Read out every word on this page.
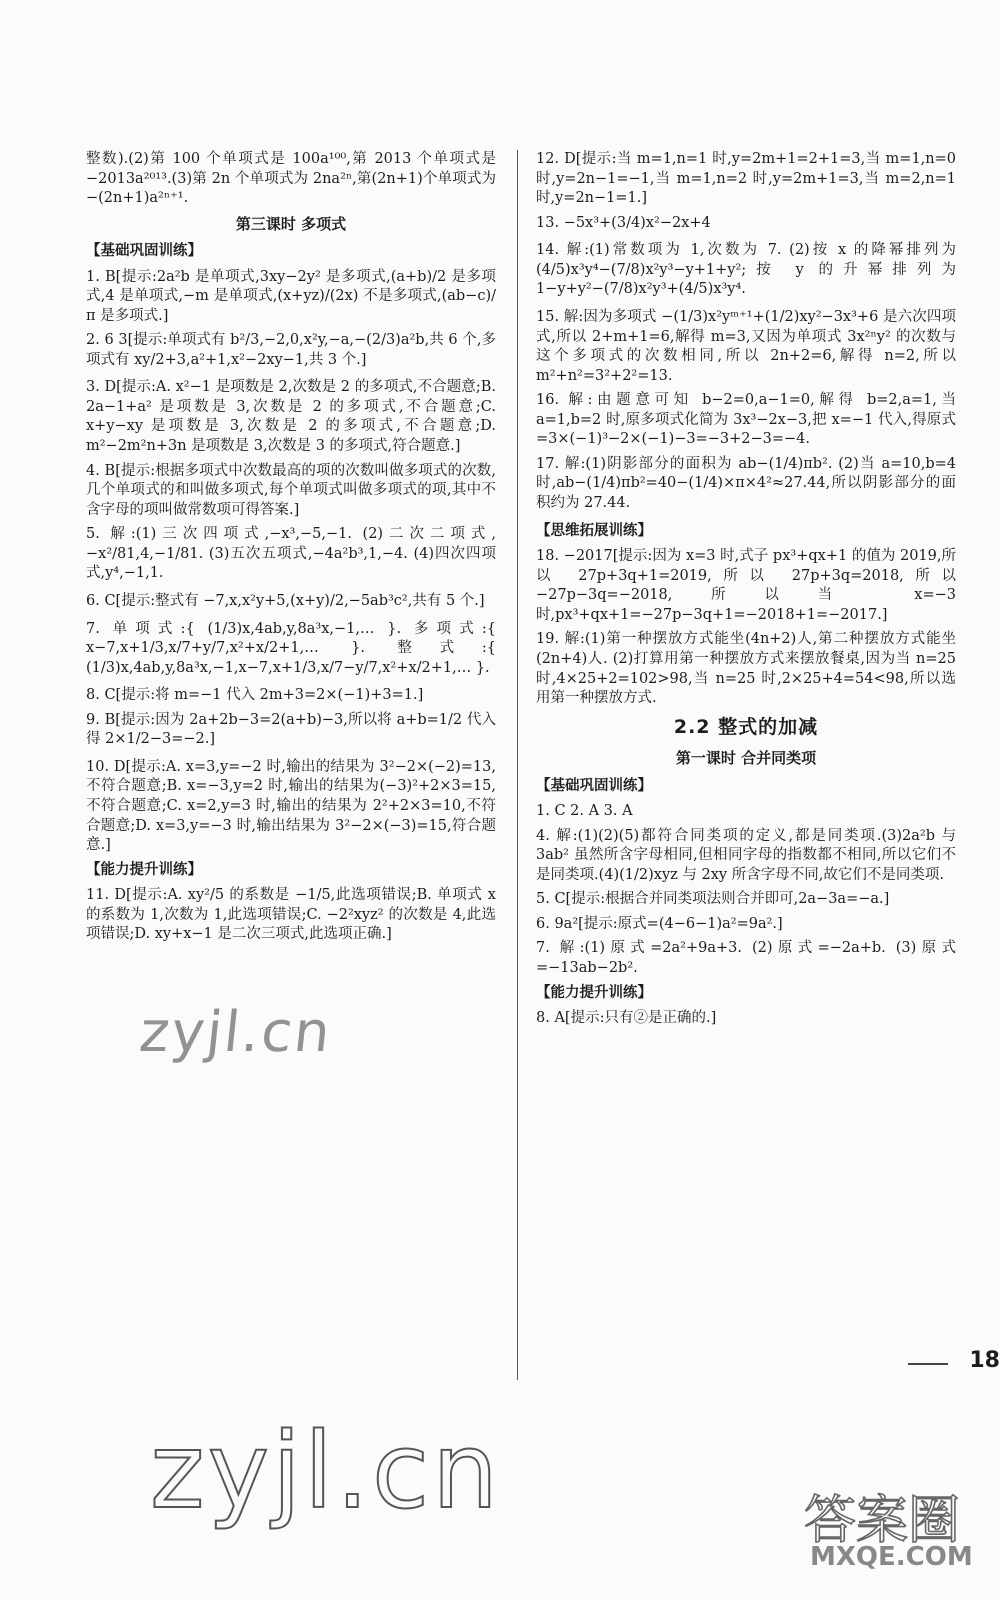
整数).(2)第 100 个单项式是 100a¹⁰⁰,第 2013 个单项式是 −2013a²⁰¹³.(3)第 2n 个单项式为 2na²ⁿ,第(2n+1)个单项式为 −(2n+1)a²ⁿ⁺¹.
第三课时 多项式
【基础巩固训练】
1. B[提示:2a²b 是单项式,3xy−2y² 是多项式,(a+b)/2 是多项式,4 是单项式,−m 是单项式,(x+yz)/(2x) 不是多项式,(ab−c)/π 是多项式.]
2. 6 3[提示:单项式有 b²/3,−2,0,x²y,−a,−(2/3)a²b,共 6 个,多项式有 xy/2+3,a²+1,x²−2xy−1,共 3 个.]
3. D[提示:A. x²−1 是项数是 2,次数是 2 的多项式,不合题意;B. 2a−1+a² 是项数是 3,次数是 2 的多项式,不合题意;C. x+y−xy 是项数是 3,次数是 2 的多项式,不合题意;D. m²−2m²n+3n 是项数是 3,次数是 3 的多项式,符合题意.]
4. B[提示:根据多项式中次数最高的项的次数叫做多项式的次数,几个单项式的和叫做多项式,每个单项式叫做多项式的项,其中不含字母的项叫做常数项可得答案.]
5. 解:(1)三次四项式,−x³,−5,−1. (2)二次二项式,−x²/81,4,−1/81. (3)五次五项式,−4a²b³,1,−4. (4)四次四项式,y⁴,−1,1.
6. C[提示:整式有 −7,x,x²y+5,(x+y)/2,−5ab³c²,共有 5 个.]
7. 单项式:{ (1/3)x,4ab,y,8a³x,−1,… }. 多项式:{ x−7,x+1/3,x/7+y/7,x²+x/2+1,… }. 整式:{ (1/3)x,4ab,y,8a³x,−1,x−7,x+1/3,x/7−y/7,x²+x/2+1,… }.
8. C[提示:将 m=−1 代入 2m+3=2×(−1)+3=1.]
9. B[提示:因为 2a+2b−3=2(a+b)−3,所以将 a+b=1/2 代入得 2×1/2−3=−2.]
10. D[提示:A. x=3,y=−2 时,输出的结果为 3²−2×(−2)=13,不符合题意;B. x=−3,y=2 时,输出的结果为(−3)²+2×3=15,不符合题意;C. x=2,y=3 时,输出的结果为 2²+2×3=10,不符合题意;D. x=3,y=−3 时,输出结果为 3²−2×(−3)=15,符合题意.]
【能力提升训练】
11. D[提示:A. xy²/5 的系数是 −1/5,此选项错误;B. 单项式 x 的系数为 1,次数为 1,此选项错误;C. −2²xyz² 的次数是 4,此选项错误;D. xy+x−1 是二次三项式,此选项正确.]
12. D[提示:当 m=1,n=1 时,y=2m+1=2+1=3,当 m=1,n=0 时,y=2n−1=−1,当 m=1,n=2 时,y=2m+1=3,当 m=2,n=1 时,y=2n−1=1.]
13. −5x³+(3/4)x²−2x+4
14. 解:(1)常数项为 1,次数为 7. (2)按 x 的降幂排列为 (4/5)x³y⁴−(7/8)x²y³−y+1+y²;按 y 的升幂排列为 1−y+y²−(7/8)x²y³+(4/5)x³y⁴.
15. 解:因为多项式 −(1/3)x²yᵐ⁺¹+(1/2)xy²−3x³+6 是六次四项式,所以 2+m+1=6,解得 m=3,又因为单项式 3x²ⁿy² 的次数与这个多项式的次数相同,所以 2n+2=6,解得 n=2,所以 m²+n²=3²+2²=13.
16. 解:由题意可知 b−2=0,a−1=0,解得 b=2,a=1,当 a=1,b=2 时,原多项式化简为 3x³−2x−3,把 x=−1 代入,得原式=3×(−1)³−2×(−1)−3=−3+2−3=−4.
17. 解:(1)阴影部分的面积为 ab−(1/4)πb². (2)当 a=10,b=4 时,ab−(1/4)πb²=40−(1/4)×π×4²≈27.44,所以阴影部分的面积约为 27.44.
【思维拓展训练】
18. −2017[提示:因为 x=3 时,式子 px³+qx+1 的值为 2019,所以 27p+3q+1=2019,所以 27p+3q=2018,所以 −27p−3q=−2018,所以当 x=−3 时,px³+qx+1=−27p−3q+1=−2018+1=−2017.]
19. 解:(1)第一种摆放方式能坐(4n+2)人,第二种摆放方式能坐(2n+4)人. (2)打算用第一种摆放方式来摆放餐桌,因为当 n=25 时,4×25+2=102>98,当 n=25 时,2×25+4=54<98,所以选用第一种摆放方式.
2.2 整式的加减
第一课时 合并同类项
【基础巩固训练】
1. C 2. A 3. A
4. 解:(1)(2)(5)都符合同类项的定义,都是同类项.(3)2a²b 与 3ab² 虽然所含字母相同,但相同字母的指数都不相同,所以它们不是同类项.(4)(1/2)xyz 与 2xy 所含字母不同,故它们不是同类项.
5. C[提示:根据合并同类项法则合并即可,2a−3a=−a.]
6. 9a²[提示:原式=(4−6−1)a²=9a².]
7. 解:(1)原式=2a²+9a+3. (2)原式=−2a+b. (3)原式=−13ab−2b².
【能力提升训练】
8. A[提示:只有②是正确的.]
18
zyjl.cn
zyjl.cn	答案圈
MXQE.COM
